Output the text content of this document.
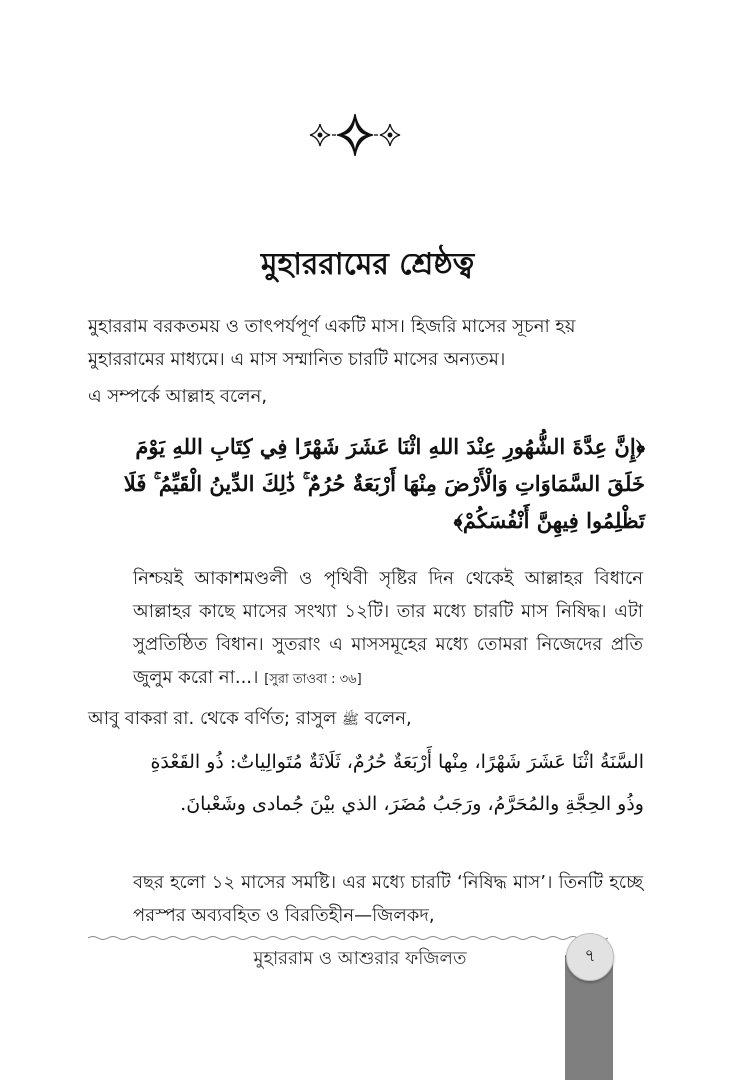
মুহাররামের শ্রেষ্ঠত্ব

মুহাররাম বরকতময় ও তাৎপর্যপূর্ণ একটি মাস। হিজরি মাসের সূচনা হয় মুহাররামের মাধ্যমে। এ মাস সম্মানিত চারটি মাসের অন্যতম।

এ সম্পর্কে আল্লাহ বলেন,

﴿إِنَّ عِدَّةَ الشُّهُورِ عِنْدَ اللهِ اثْنَا عَشَرَ شَهْرًا فِي كِتَابِ اللهِ يَوْمَ خَلَقَ السَّمَاوَاتِ وَالْأَرْضَ مِنْهَا أَرْبَعَةٌ حُرُمٌ ۚ ذَٰلِكَ الدِّينُ الْقَيِّمُ ۚ فَلَا تَظْلِمُوا فِيهِنَّ أَنْفُسَكُمْ﴾

নিশ্চয়ই আকাশমণ্ডলী ও পৃথিবী সৃষ্টির দিন থেকেই আল্লাহর বিধানে আল্লাহর কাছে মাসের সংখ্যা ১২টি। তার মধ্যে চারটি মাস নিষিদ্ধ। এটা সুপ্রতিষ্ঠিত বিধান। সুতরাং এ মাসসমূহের মধ্যে তোমরা নিজেদের প্রতি জুলুম করো না...। [সুরা তাওবা : ৩৬]

আবু বাকরা রা. থেকে বর্ণিত; রাসুল ﷺ বলেন,

السَّنَةُ اثْنَا عَشَرَ شَهْرًا، مِنْها أَرْبَعَةٌ حُرُمٌ، ثَلَاثَةٌ مُتَوالِياتٌ: ذُو القَعْدَةِ وذُو الحِجَّةِ والمُحَرَّمُ، ورَجَبُ مُضَرَ، الذي بيْنَ جُمادى وشَعْبانَ.

বছর হলো ১২ মাসের সমষ্টি। এর মধ্যে চারটি ‘নিষিদ্ধ মাস’। তিনটি হচ্ছে পরস্পর অব্যবহিত ও বিরতিহীন—জিলকদ,

মুহাররাম ও আশুরার ফজিলত	৭
